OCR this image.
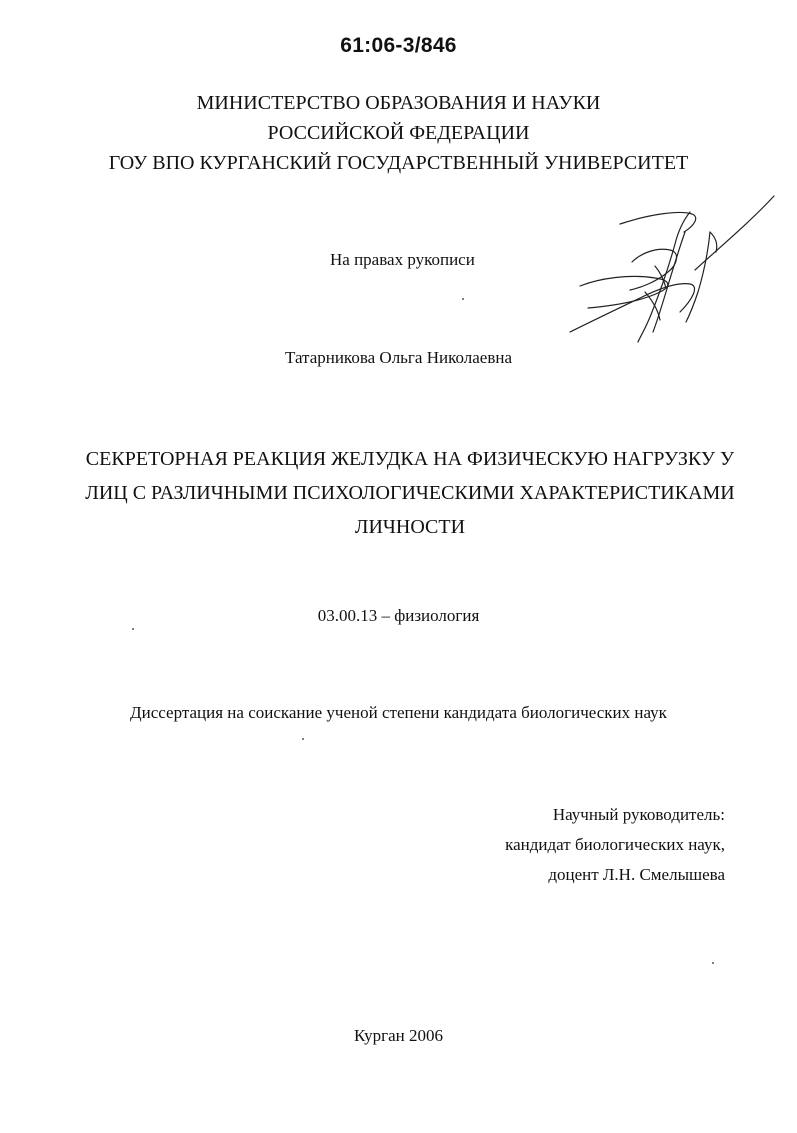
61:06-3/846
МИНИСТЕРСТВО ОБРАЗОВАНИЯ И НАУКИ
РОССИЙСКОЙ ФЕДЕРАЦИИ
ГОУ ВПО КУРГАНСКИЙ ГОСУДАРСТВЕННЫЙ УНИВЕРСИТЕТ
На правах рукописи
Татарникова Ольга Николаевна
СЕКРЕТОРНАЯ РЕАКЦИЯ ЖЕЛУДКА НА ФИЗИЧЕСКУЮ НАГРУЗКУ У
ЛИЦ С РАЗЛИЧНЫМИ ПСИХОЛОГИЧЕСКИМИ ХАРАКТЕРИСТИКАМИ
ЛИЧНОСТИ
03.00.13 – физиология
Диссертация на соискание ученой степени кандидата биологических наук
Научный руководитель:
кандидат биологических наук,
доцент Л.Н. Смелышева
Курган 2006
